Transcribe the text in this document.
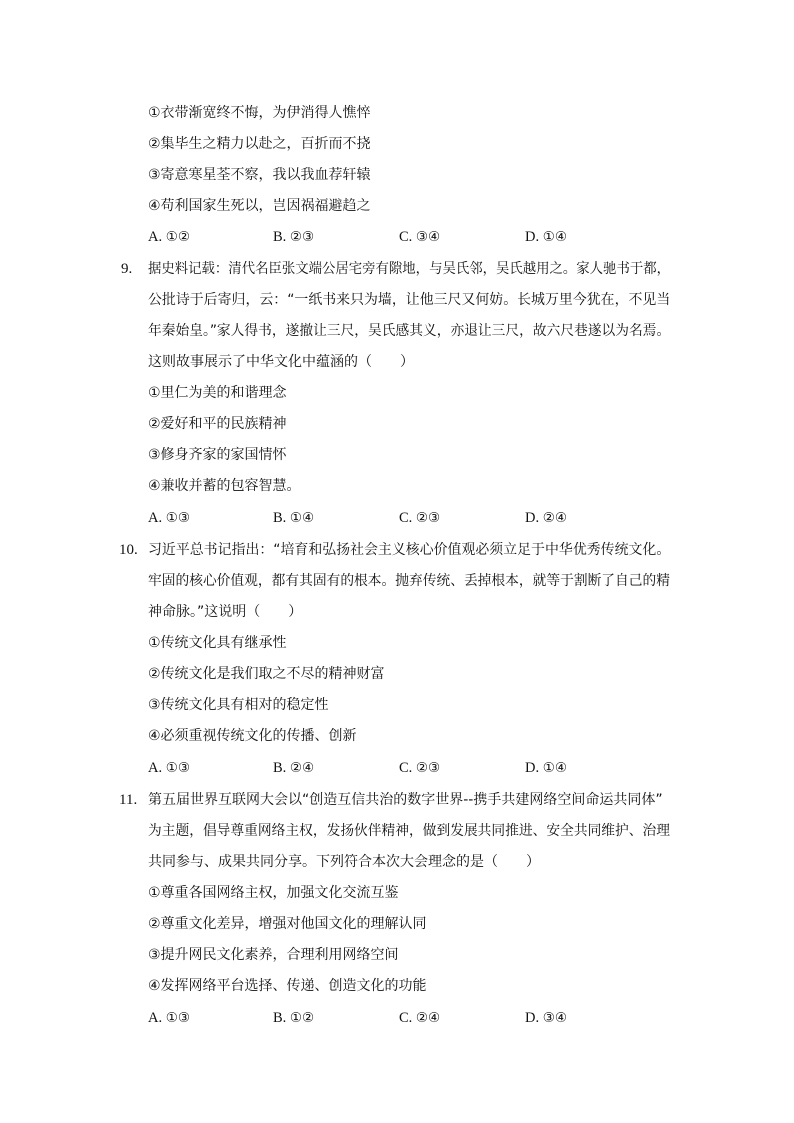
①衣带渐宽终不悔，为伊消得人憔悴
②集毕生之精力以赴之，百折而不挠
③寄意寒星荃不察，我以我血荐轩辕
④苟利国家生死以，岂因祸福避趋之
A. ①②	B. ②③	C. ③④	D. ①④
9. 据史料记载：清代名臣张文端公居宅旁有隙地，与吴氏邻，吴氏越用之。家人驰书于都，
公批诗于后寄归，云：“一纸书来只为墙，让他三尺又何妨。长城万里今犹在，不见当
年秦始皇。”家人得书，遂撤让三尺，吴氏感其义，亦退让三尺，故六尺巷遂以为名焉。
这则故事展示了中华文化中蕴涵的（　　）
①里仁为美的和谐理念
②爱好和平的民族精神
③修身齐家的家国情怀
④兼收并蓄的包容智慧。
A. ①③	B. ①④	C. ②③	D. ②④
10. 习近平总书记指出：“培育和弘扬社会主义核心价值观必须立足于中华优秀传统文化。
牢固的核心价值观，都有其固有的根本。抛弃传统、丢掉根本，就等于割断了自己的精
神命脉。”这说明（　　）
①传统文化具有继承性
②传统文化是我们取之不尽的精神财富
③传统文化具有相对的稳定性
④必须重视传统文化的传播、创新
A. ①③	B. ②④	C. ②③	D. ①④
11. 第五届世界互联网大会以“创造互信共治的数字世界--携手共建网络空间命运共同体”
为主题，倡导尊重网络主权，发扬伙伴精神，做到发展共同推进、安全共同维护、治理
共同参与、成果共同分享。下列符合本次大会理念的是（　　）
①尊重各国网络主权，加强文化交流互鉴
②尊重文化差异，增强对他国文化的理解认同
③提升网民文化素养，合理利用网络空间
④发挥网络平台选择、传递、创造文化的功能
A. ①③	B. ①②	C. ②④	D. ③④
